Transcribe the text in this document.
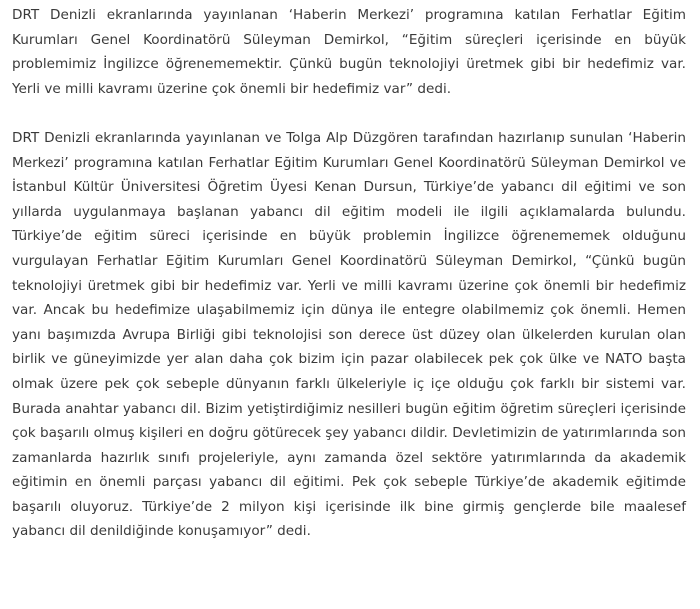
DRT Denizli ekranlarında yayınlanan ‘Haberin Merkezi’ programına katılan Ferhatlar Eğitim Kurumları Genel Koordinatörü Süleyman Demirkol, “Eğitim süreçleri içerisinde en büyük problemimiz İngilizce öğrenememektir. Çünkü bugün teknolojiyi üretmek gibi bir hedefimiz var. Yerli ve milli kavramı üzerine çok önemli bir hedefimiz var” dedi.

DRT Denizli ekranlarında yayınlanan ve Tolga Alp Düzgören tarafından hazırlanıp sunulan ‘Haberin Merkezi’ programına katılan Ferhatlar Eğitim Kurumları Genel Koordinatörü Süleyman Demirkol ve İstanbul Kültür Üniversitesi Öğretim Üyesi Kenan Dursun, Türkiye’de yabancı dil eğitimi ve son yıllarda uygulanmaya başlanan yabancı dil eğitim modeli ile ilgili açıklamalarda bulundu. Türkiye’de eğitim süreci içerisinde en büyük problemin İngilizce öğrenememek olduğunu vurgulayan Ferhatlar Eğitim Kurumları Genel Koordinatörü Süleyman Demirkol, “Çünkü bugün teknolojiyi üretmek gibi bir hedefimiz var. Yerli ve milli kavramı üzerine çok önemli bir hedefimiz var. Ancak bu hedefimize ulaşabilmemiz için dünya ile entegre olabilmemiz çok önemli. Hemen yanı başımızda Avrupa Birliği gibi teknolojisi son derece üst düzey olan ülkelerden kurulan olan birlik ve güneyimizde yer alan daha çok bizim için pazar olabilecek pek çok ülke ve NATO başta olmak üzere pek çok sebeple dünyanın farklı ülkeleriyle iç içe olduğu çok farklı bir sistemi var. Burada anahtar yabancı dil. Bizim yetiştirdiğimiz nesilleri bugün eğitim öğretim süreçleri içerisinde çok başarılı olmuş kişileri en doğru götürecek şey yabancı dildir. Devletimizin de yatırımlarında son zamanlarda hazırlık sınıfı projeleriyle, aynı zamanda özel sektöre yatırımlarında da akademik eğitimin en önemli parçası yabancı dil eğitimi. Pek çok sebeple Türkiye’de akademik eğitimde başarılı oluyoruz. Türkiye’de 2 milyon kişi içerisinde ilk bine girmiş gençlerde bile maalesef yabancı dil denildiğinde konuşamıyor” dedi.
